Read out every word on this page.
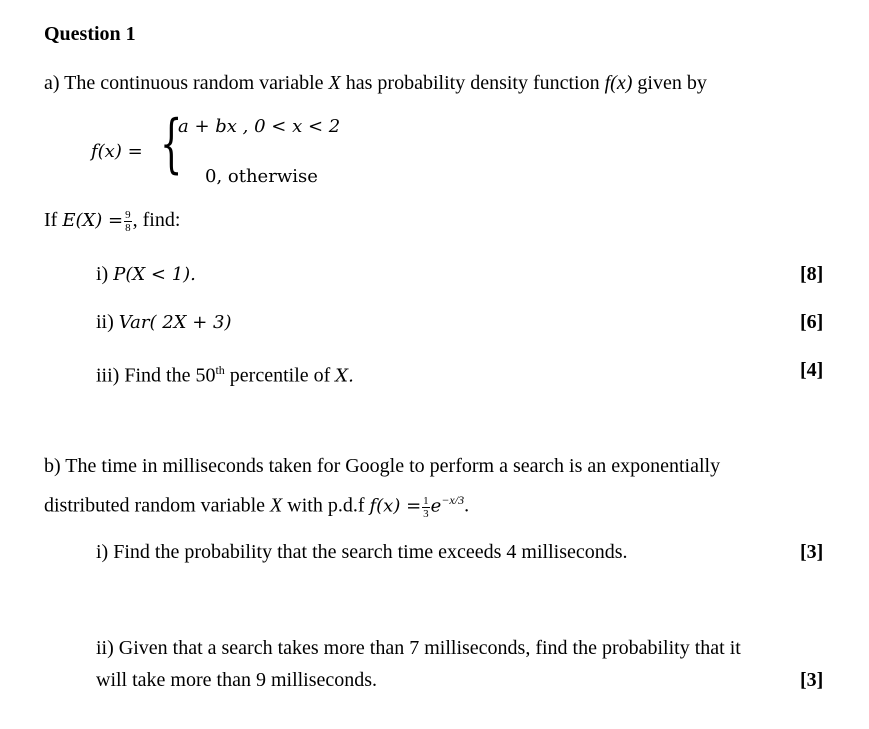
Question 1
a) The continuous random variable X has probability density function f(x) given by
f(x) = {
a + bx , 0 < x < 2
0, otherwise
If $E(X) = \frac{9}{8}$ , find:
i) P(X < 1).	[8]
ii) Var( 2X + 3)	[6]
iii) Find the 50th percentile of X.	[4]
b) The time in milliseconds taken for Google to perform a search is an exponentially
distributed random variable X with p.d.f $f(x) = \frac{1}{3} e^{-x/3}$.
i) Find the probability that the search time exceeds 4 milliseconds.	[3]
ii) Given that a search takes more than 7 milliseconds, find the probability that it
will take more than 9 milliseconds.	[3]
